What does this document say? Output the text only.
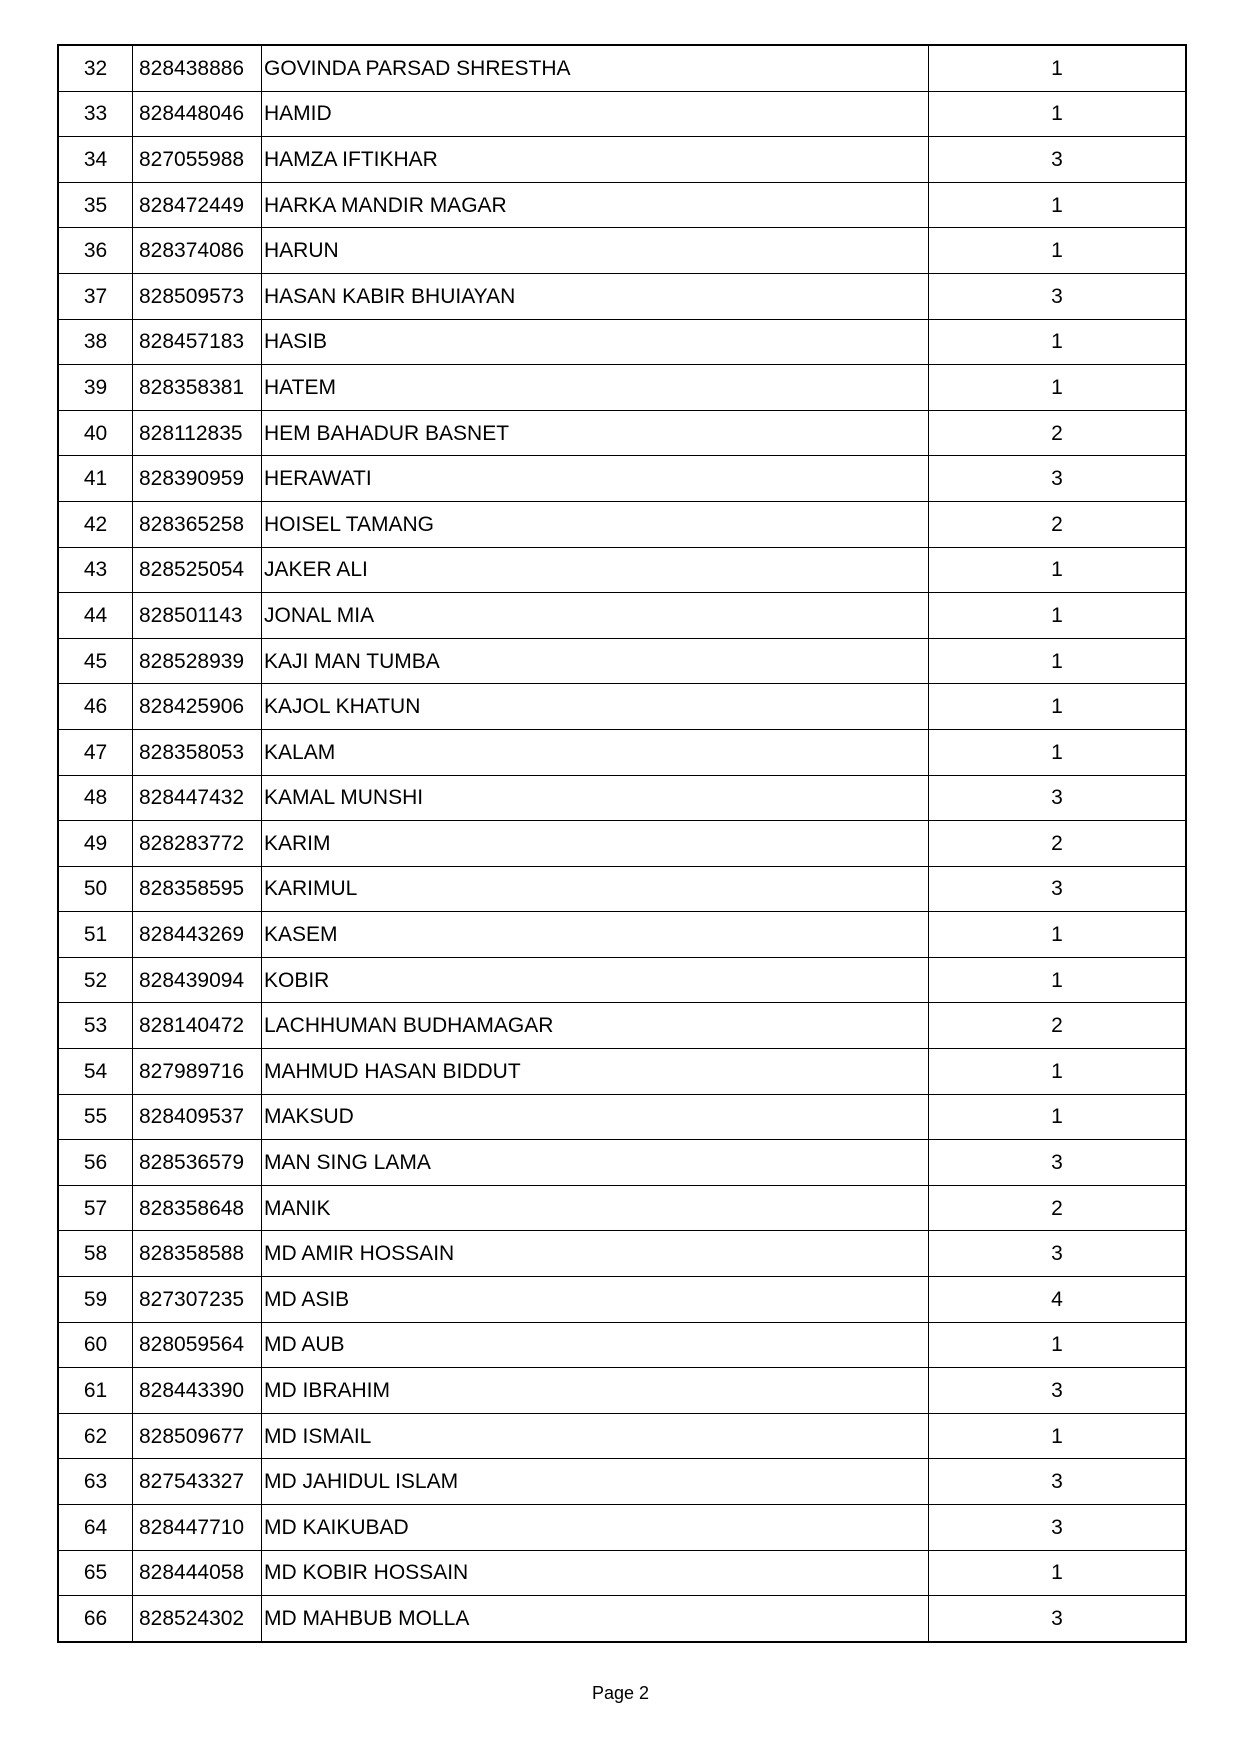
32	828438886	GOVINDA PARSAD SHRESTHA	1
33	828448046	HAMID	1
34	827055988	HAMZA IFTIKHAR	3
35	828472449	HARKA MANDIR MAGAR	1
36	828374086	HARUN	1
37	828509573	HASAN KABIR BHUIAYAN	3
38	828457183	HASIB	1
39	828358381	HATEM	1
40	828112835	HEM BAHADUR BASNET	2
41	828390959	HERAWATI	3
42	828365258	HOISEL TAMANG	2
43	828525054	JAKER ALI	1
44	828501143	JONAL MIA	1
45	828528939	KAJI MAN TUMBA	1
46	828425906	KAJOL KHATUN	1
47	828358053	KALAM	1
48	828447432	KAMAL MUNSHI	3
49	828283772	KARIM	2
50	828358595	KARIMUL	3
51	828443269	KASEM	1
52	828439094	KOBIR	1
53	828140472	LACHHUMAN BUDHAMAGAR	2
54	827989716	MAHMUD HASAN BIDDUT	1
55	828409537	MAKSUD	1
56	828536579	MAN SING LAMA	3
57	828358648	MANIK	2
58	828358588	MD AMIR HOSSAIN	3
59	827307235	MD ASIB	4
60	828059564	MD AUB	1
61	828443390	MD IBRAHIM	3
62	828509677	MD ISMAIL	1
63	827543327	MD JAHIDUL ISLAM	3
64	828447710	MD KAIKUBAD	3
65	828444058	MD KOBIR HOSSAIN	1
66	828524302	MD MAHBUB MOLLA	3
Page 2
